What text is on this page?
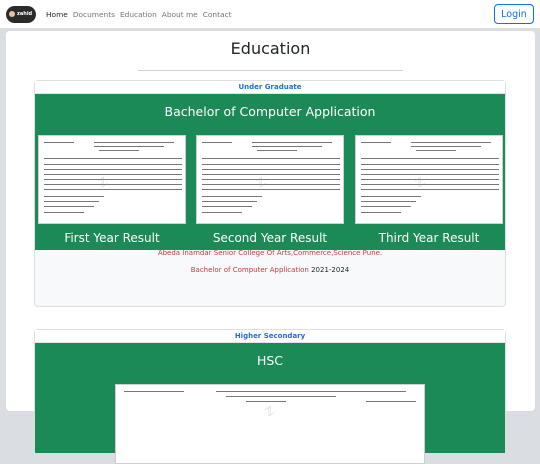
zahid Home Documents Education About me Contact	Login
Education
Under Graduate
Bachelor of Computer Application
ℤ
First Year Result
ℤ
Second Year Result
ℤ
Third Year Result
Abeda Inamdar Senior College Of Arts,Commerce,Science Pune.
Bachelor of Computer Application 2021-2024
Higher Secondary
HSC
ℤ
